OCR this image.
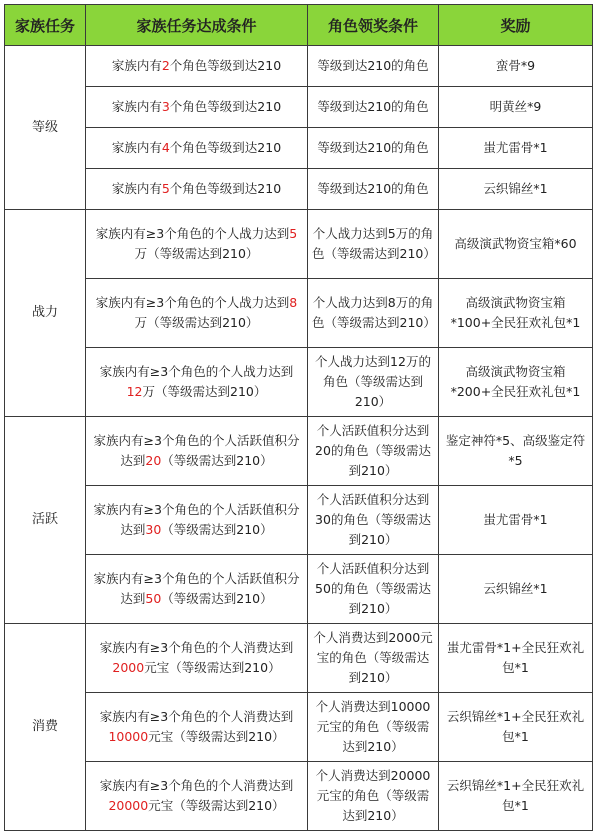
家族任务	家族任务达成条件	角色领奖条件	奖励
等级	家族内有2个角色等级到达210	等级到达210的角色	蛮骨*9
	家族内有3个角色等级到达210	等级到达210的角色	明黄丝*9
	家族内有4个角色等级到达210	等级到达210的角色	蚩尤雷骨*1
	家族内有5个角色等级到达210	等级到达210的角色	云织锦丝*1
战力	家族内有≥3个角色的个人战力达到5万（等级需达到210）	个人战力达到5万的角色（等级需达到210）	高级演武物资宝箱*60
	家族内有≥3个角色的个人战力达到8万（等级需达到210）	个人战力达到8万的角色（等级需达到210）	高级演武物资宝箱*100+全民狂欢礼包*1
	家族内有≥3个角色的个人战力达到12万（等级需达到210）	个人战力达到12万的角色（等级需达到210）	高级演武物资宝箱*200+全民狂欢礼包*1
活跃	家族内有≥3个角色的个人活跃值积分达到20（等级需达到210）	个人活跃值积分达到20的角色（等级需达到210）	鉴定神符*5、高级鉴定符*5
	家族内有≥3个角色的个人活跃值积分达到30（等级需达到210）	个人活跃值积分达到30的角色（等级需达到210）	蚩尤雷骨*1
	家族内有≥3个角色的个人活跃值积分达到50（等级需达到210）	个人活跃值积分达到50的角色（等级需达到210）	云织锦丝*1
消费	家族内有≥3个角色的个人消费达到2000元宝（等级需达到210）	个人消费达到2000元宝的角色（等级需达到210）	蚩尤雷骨*1+全民狂欢礼包*1
	家族内有≥3个角色的个人消费达到10000元宝（等级需达到210）	个人消费达到10000元宝的角色（等级需达到210）	云织锦丝*1+全民狂欢礼包*1
	家族内有≥3个角色的个人消费达到20000元宝（等级需达到210）	个人消费达到20000元宝的角色（等级需达到210）	云织锦丝*1+全民狂欢礼包*1
